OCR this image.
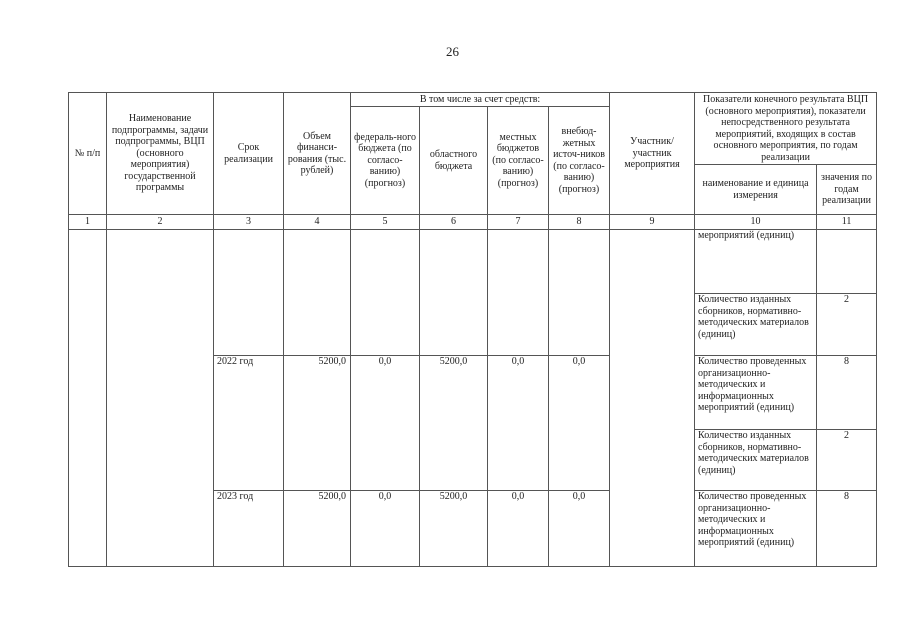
26
№ п/п	Наименование подпрограммы, задачи подпрограммы, ВЦП (основного мероприятия) государственной программы	Срок реализации	Объем финанси-рования (тыс. рублей)	В том числе за счет средств:				Участник/ участник мероприятия	Показатели конечного результата ВЦП (основного мероприятия), показатели непосредственного результата мероприятий, входящих в состав основного мероприятия, по годам реализации	
				федераль-ного бюджета (по согласо-ванию) (прогноз)	областного бюджета	местных бюджетов (по согласо-ванию) (прогноз)	внебюд-жетных источ-ников (по согласо-ванию) (прогноз)			
									наименование и единица измерения	значения по годам реализации
1	2	3	4	5	6	7	8	9	10	11
									мероприятий (единиц)	
									Количество изданных сборников, нормативно-методических материалов (единиц)	2
		2022 год	5200,0	0,0	5200,0	0,0	0,0		Количество проведенных организационно-методических и информационных мероприятий (единиц)	8
									Количество изданных сборников, нормативно-методических материалов (единиц)	2
		2023 год	5200,0	0,0	5200,0	0,0	0,0		Количество проведенных организационно-методических и информационных мероприятий (единиц)	8
